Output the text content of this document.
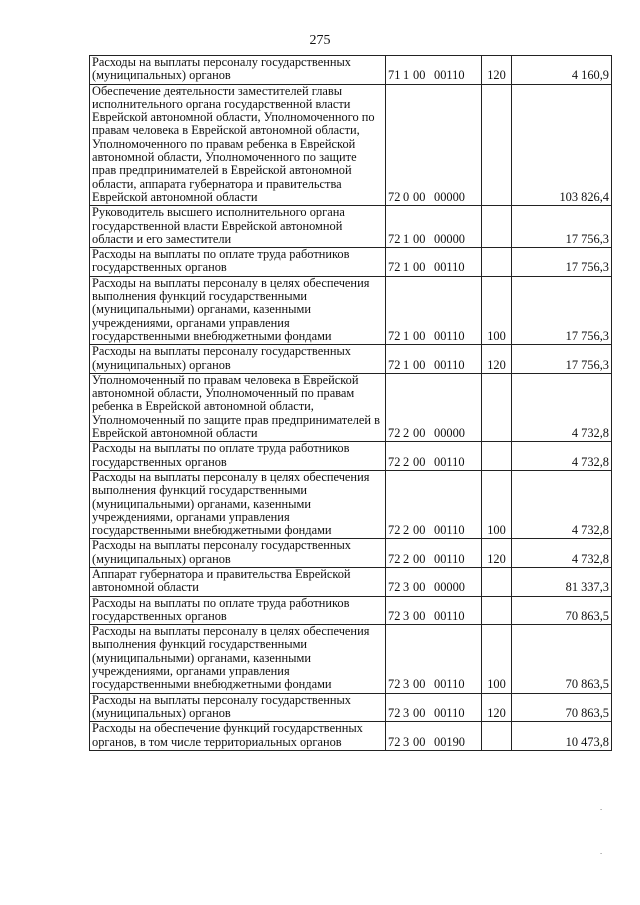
275
Расходы на выплаты персоналу государственных (муниципальных) органов	71 1 00 00110	120	4 160,9
Обеспечение деятельности заместителей главы исполнительного органа государственной власти Еврейской автономной области, Уполномоченного по правам человека в Еврейской автономной области, Уполномоченного по правам ребенка в Еврейской автономной области, Уполномоченного по защите прав предпринимателей в Еврейской автономной области, аппарата губернатора и правительства Еврейской автономной области	72 0 00 00000		103 826,4
Руководитель высшего исполнительного органа государственной власти Еврейской автономной области и его заместители	72 1 00 00000		17 756,3
Расходы на выплаты по оплате труда работников государственных органов	72 1 00 00110		17 756,3
Расходы на выплаты персоналу в целях обеспечения выполнения функций государственными (муниципальными) органами, казенными учреждениями, органами управления государственными внебюджетными фондами	72 1 00 00110	100	17 756,3
Расходы на выплаты персоналу государственных (муниципальных) органов	72 1 00 00110	120	17 756,3
Уполномоченный по правам человека в Еврейской автономной области, Уполномоченный по правам ребенка в Еврейской автономной области, Уполномоченный по защите прав предпринимателей в Еврейской автономной области	72 2 00 00000		4 732,8
Расходы на выплаты по оплате труда работников государственных органов	72 2 00 00110		4 732,8
Расходы на выплаты персоналу в целях обеспечения выполнения функций государственными (муниципальными) органами, казенными учреждениями, органами управления государственными внебюджетными фондами	72 2 00 00110	100	4 732,8
Расходы на выплаты персоналу государственных (муниципальных) органов	72 2 00 00110	120	4 732,8
Аппарат губернатора и правительства Еврейской автономной области	72 3 00 00000		81 337,3
Расходы на выплаты по оплате труда работников государственных органов	72 3 00 00110		70 863,5
Расходы на выплаты персоналу в целях обеспечения выполнения функций государственными (муниципальными) органами, казенными учреждениями, органами управления государственными внебюджетными фондами	72 3 00 00110	100	70 863,5
Расходы на выплаты персоналу государственных (муниципальных) органов	72 3 00 00110	120	70 863,5
Расходы на обеспечение функций государственных органов, в том числе территориальных органов	72 3 00 00190		10 473,8
·
·
